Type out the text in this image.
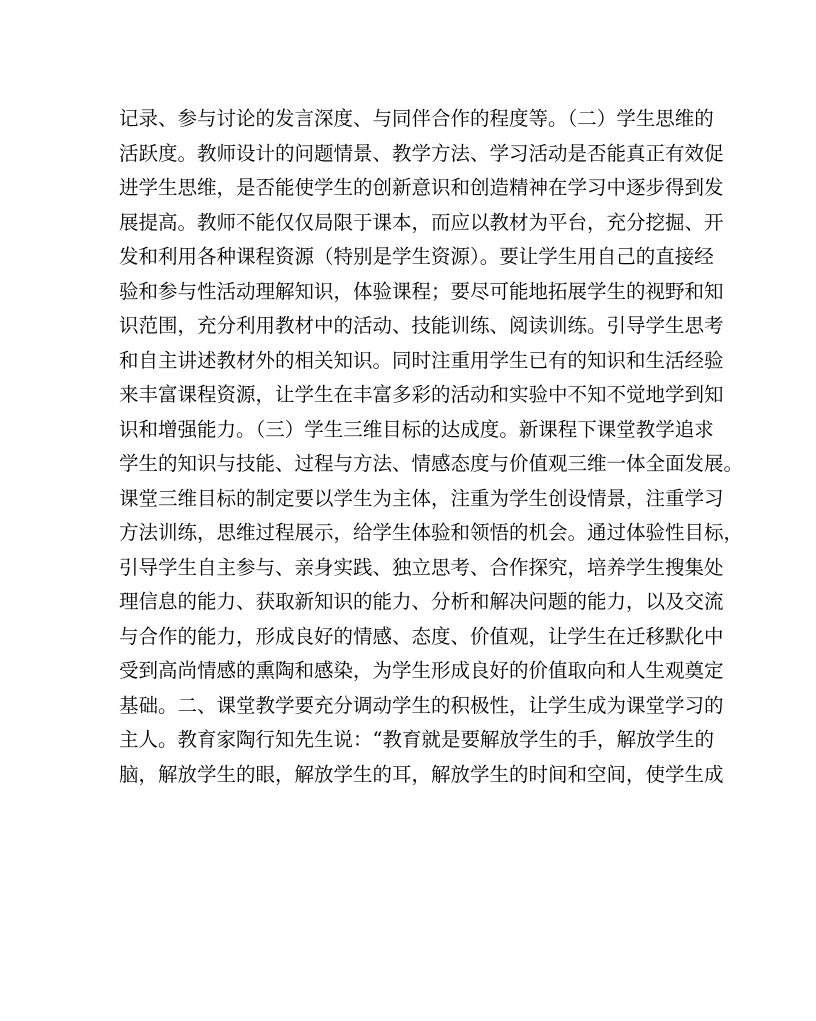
记录、参与讨论的发言深度、与同伴合作的程度等。（二）学生思维的
活跃度。教师设计的问题情景、教学方法、学习活动是否能真正有效促
进学生思维，是否能使学生的创新意识和创造精神在学习中逐步得到发
展提高。教师不能仅仅局限于课本，而应以教材为平台，充分挖掘、开
发和利用各种课程资源（特别是学生资源）。要让学生用自己的直接经
验和参与性活动理解知识，体验课程；要尽可能地拓展学生的视野和知
识范围，充分利用教材中的活动、技能训练、阅读训练。引导学生思考
和自主讲述教材外的相关知识。同时注重用学生已有的知识和生活经验
来丰富课程资源，让学生在丰富多彩的活动和实验中不知不觉地学到知
识和增强能力。（三）学生三维目标的达成度。新课程下课堂教学追求
学生的知识与技能、过程与方法、情感态度与价值观三维一体全面发展。
课堂三维目标的制定要以学生为主体，注重为学生创设情景，注重学习
方法训练，思维过程展示，给学生体验和领悟的机会。通过体验性目标，
引导学生自主参与、亲身实践、独立思考、合作探究，培养学生搜集处
理信息的能力、获取新知识的能力、分析和解决问题的能力，以及交流
与合作的能力，形成良好的情感、态度、价值观，让学生在迁移默化中
受到高尚情感的熏陶和感染，为学生形成良好的价值取向和人生观奠定
基础。二、课堂教学要充分调动学生的积极性，让学生成为课堂学习的
主人。教育家陶行知先生说：“教育就是要解放学生的手，解放学生的
脑，解放学生的眼，解放学生的耳，解放学生的时间和空间，使学生成
